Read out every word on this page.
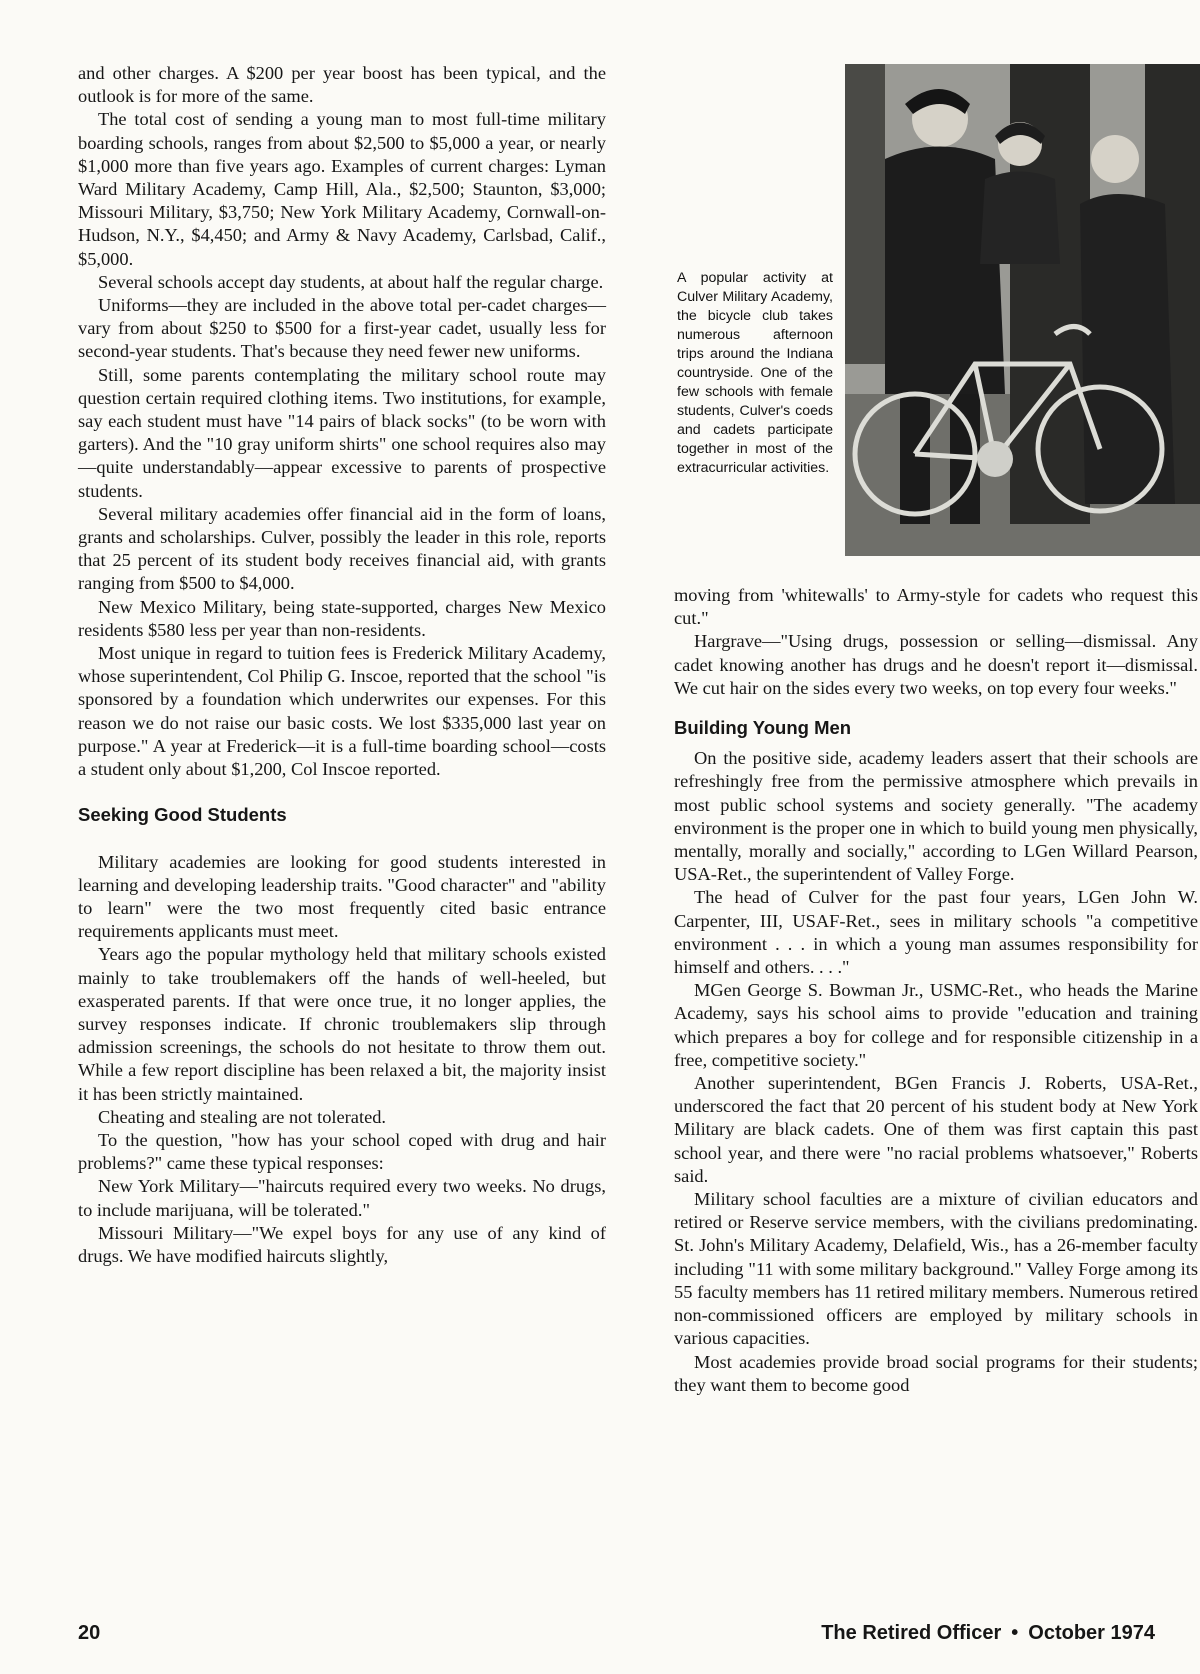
and other charges. A $200 per year boost has been typical, and the outlook is for more of the same.

The total cost of sending a young man to most full-time military boarding schools, ranges from about $2,500 to $5,000 a year, or nearly $1,000 more than five years ago. Examples of current charges: Lyman Ward Military Academy, Camp Hill, Ala., $2,500; Staunton, $3,000; Missouri Military, $3,750; New York Military Academy, Cornwall-on-Hudson, N.Y., $4,450; and Army & Navy Academy, Carlsbad, Calif., $5,000.

Several schools accept day students, at about half the regular charge.

Uniforms—they are included in the above total per-cadet charges—vary from about $250 to $500 for a first-year cadet, usually less for second-year students. That's because they need fewer new uniforms.

Still, some parents contemplating the military school route may question certain required clothing items. Two institutions, for example, say each student must have "14 pairs of black socks" (to be worn with garters). And the "10 gray uniform shirts" one school requires also may—quite understandably—appear excessive to parents of prospective students.

Several military academies offer financial aid in the form of loans, grants and scholarships. Culver, possibly the leader in this role, reports that 25 percent of its student body receives financial aid, with grants ranging from $500 to $4,000.

New Mexico Military, being state-supported, charges New Mexico residents $580 less per year than non-residents.

Most unique in regard to tuition fees is Frederick Military Academy, whose superintendent, Col Philip G. Inscoe, reported that the school "is sponsored by a foundation which underwrites our expenses. For this reason we do not raise our basic costs. We lost $335,000 last year on purpose." A year at Frederick—it is a full-time boarding school—costs a student only about $1,200, Col Inscoe reported.

Seeking Good Students

Military academies are looking for good students interested in learning and developing leadership traits. "Good character" and "ability to learn" were the two most frequently cited basic entrance requirements applicants must meet.

Years ago the popular mythology held that military schools existed mainly to take troublemakers off the hands of well-heeled, but exasperated parents. If that were once true, it no longer applies, the survey responses indicate. If chronic troublemakers slip through admission screenings, the schools do not hesitate to throw them out. While a few report discipline has been relaxed a bit, the majority insist it has been strictly maintained.

Cheating and stealing are not tolerated.

To the question, "how has your school coped with drug and hair problems?" came these typical responses:

New York Military—"haircuts required every two weeks. No drugs, to include marijuana, will be tolerated."

Missouri Military—"We expel boys for any use of any kind of drugs. We have modified haircuts slightly,

A popular activity at Culver Military Academy, the bicycle club takes numerous afternoon trips around the Indiana countryside. One of the few schools with female students, Culver's coeds and cadets participate together in most of the extracurricular activities.

moving from 'whitewalls' to Army-style for cadets who request this cut."

Hargrave—"Using drugs, possession or selling—dismissal. Any cadet knowing another has drugs and he doesn't report it—dismissal. We cut hair on the sides every two weeks, on top every four weeks."

Building Young Men

On the positive side, academy leaders assert that their schools are refreshingly free from the permissive atmosphere which prevails in most public school systems and society generally. "The academy environment is the proper one in which to build young men physically, mentally, morally and socially," according to LGen Willard Pearson, USA-Ret., the superintendent of Valley Forge.

The head of Culver for the past four years, LGen John W. Carpenter, III, USAF-Ret., sees in military schools "a competitive environment . . . in which a young man assumes responsibility for himself and others. . . ."

MGen George S. Bowman Jr., USMC-Ret., who heads the Marine Academy, says his school aims to provide "education and training which prepares a boy for college and for responsible citizenship in a free, competitive society."

Another superintendent, BGen Francis J. Roberts, USA-Ret., underscored the fact that 20 percent of his student body at New York Military are black cadets. One of them was first captain this past school year, and there were "no racial problems whatsoever," Roberts said.

Military school faculties are a mixture of civilian educators and retired or Reserve service members, with the civilians predominating. St. John's Military Academy, Delafield, Wis., has a 26-member faculty including "11 with some military background." Valley Forge among its 55 faculty members has 11 retired military members. Numerous retired non-commissioned officers are employed by military schools in various capacities.

Most academies provide broad social programs for their students; they want them to become good

20	The Retired Officer • October 1974
